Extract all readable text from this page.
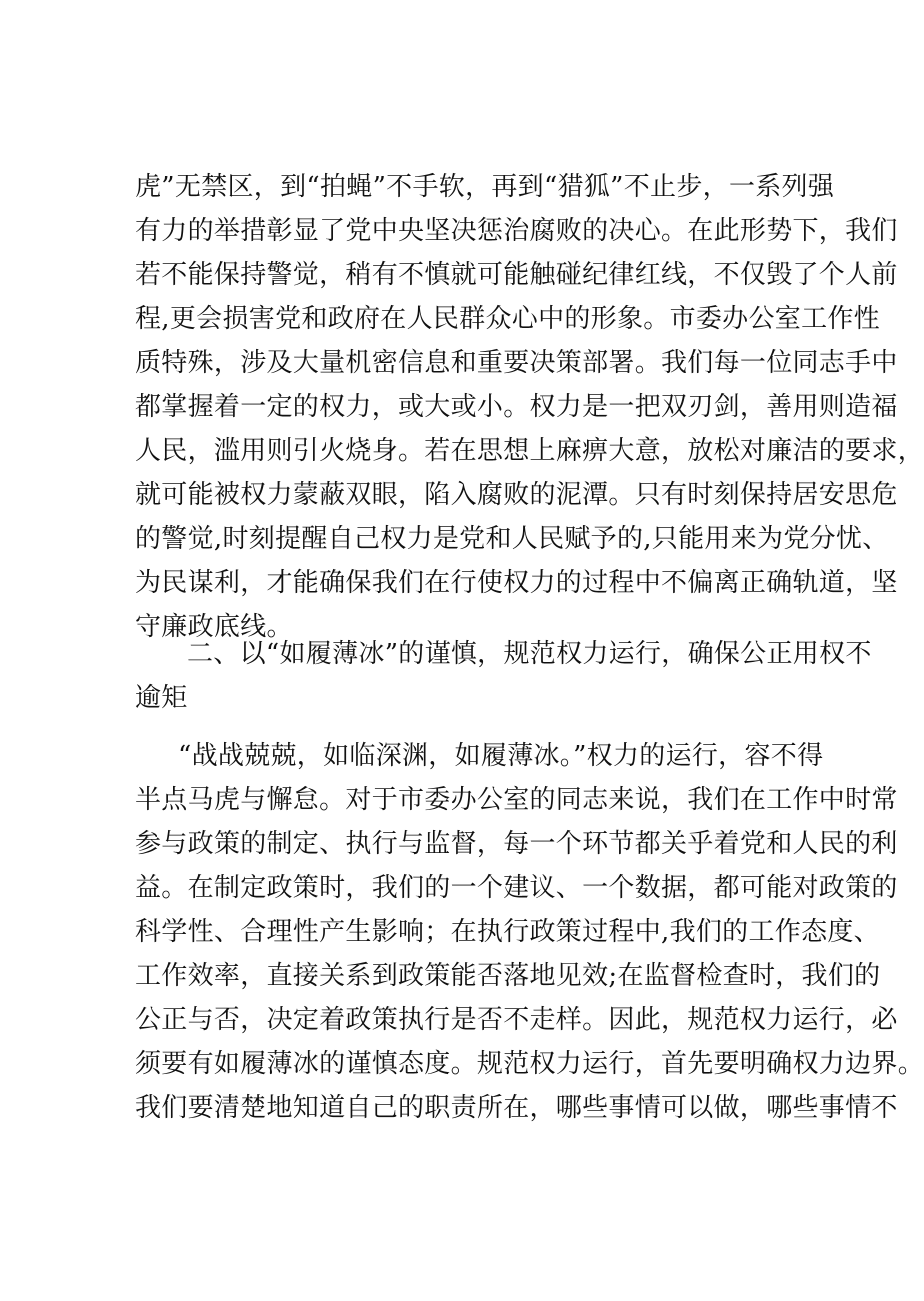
虎”无禁区，到“拍蝇”不手软，再到“猎狐”不止步，一系列强
有力的举措彰显了党中央坚决惩治腐败的决心。在此形势下，我们
若不能保持警觉，稍有不慎就可能触碰纪律红线，不仅毁了个人前
程,更会损害党和政府在人民群众心中的形象。市委办公室工作性
质特殊，涉及大量机密信息和重要决策部署。我们每一位同志手中
都掌握着一定的权力，或大或小。权力是一把双刃剑，善用则造福
人民，滥用则引火烧身。若在思想上麻痹大意，放松对廉洁的要求，
就可能被权力蒙蔽双眼，陷入腐败的泥潭。只有时刻保持居安思危
的警觉,时刻提醒自己权力是党和人民赋予的,只能用来为党分忧、
为民谋利，才能确保我们在行使权力的过程中不偏离正确轨道，坚
守廉政底线。
二、以“如履薄冰”的谨慎，规范权力运行，确保公正用权不
逾矩
“战战兢兢，如临深渊，如履薄冰。”权力的运行，容不得
半点马虎与懈怠。对于市委办公室的同志来说，我们在工作中时常
参与政策的制定、执行与监督，每一个环节都关乎着党和人民的利
益。在制定政策时，我们的一个建议、一个数据，都可能对政策的
科学性、合理性产生影响；在执行政策过程中,我们的工作态度、
工作效率，直接关系到政策能否落地见效;在监督检查时，我们的
公正与否，决定着政策执行是否不走样。因此，规范权力运行，必
须要有如履薄冰的谨慎态度。规范权力运行，首先要明确权力边界。
我们要清楚地知道自己的职责所在，哪些事情可以做，哪些事情不
